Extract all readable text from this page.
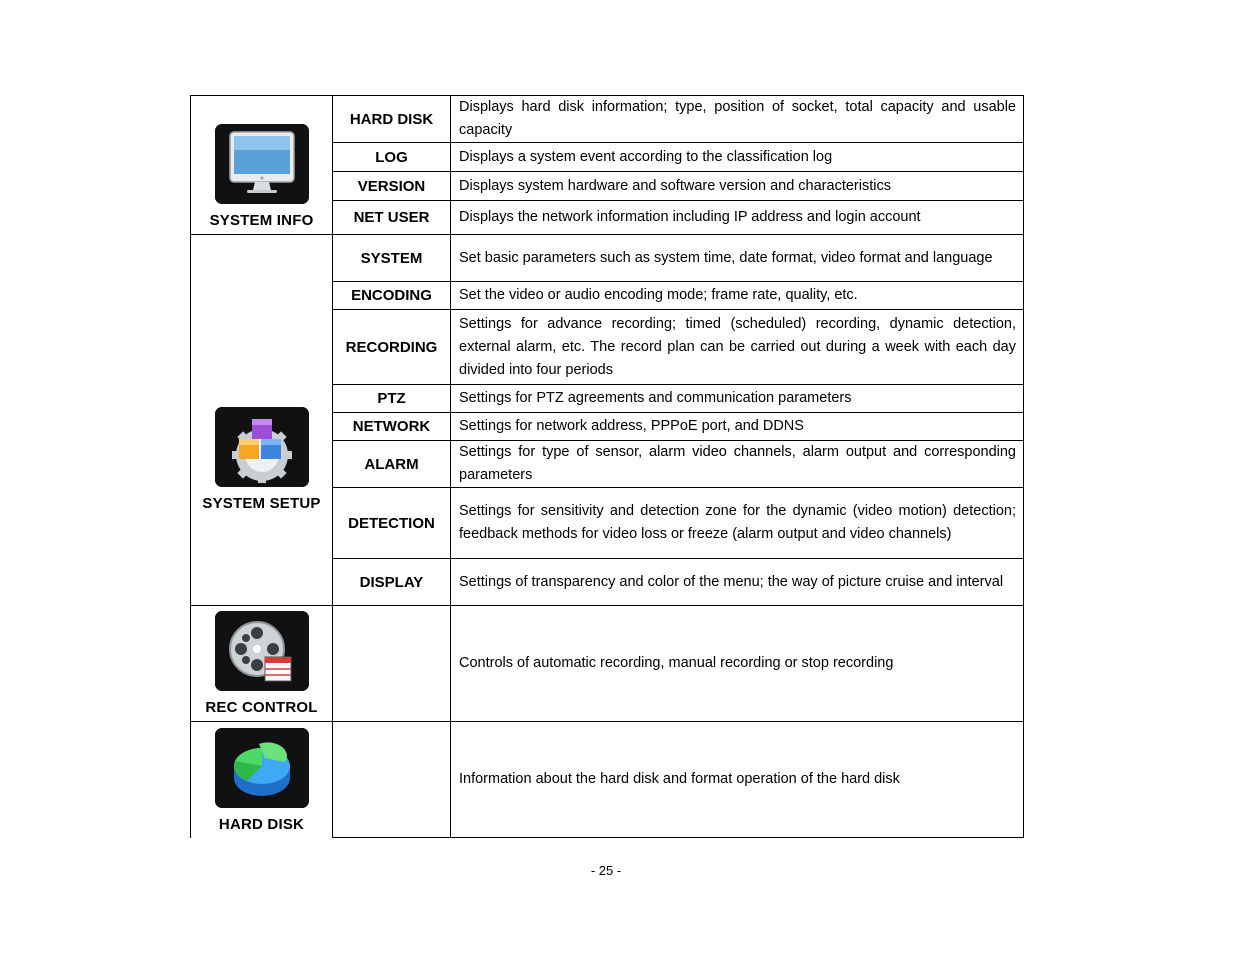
SYSTEM INFO	HARD DISK	Displays hard disk information; type, position of socket, total capacity and usable capacity
	LOG	Displays a system event according to the classification log
	VERSION	Displays system hardware and software version and characteristics
	NET USER	Displays the network information including IP address and login account

SYSTEM SETUP	SYSTEM	Set basic parameters such as system time, date format, video format and language
	ENCODING	Set the video or audio encoding mode; frame rate, quality, etc.
	RECORDING	Settings for advance recording; timed (scheduled) recording, dynamic detection, external alarm, etc. The record plan can be carried out during a week with each day divided into four periods
	PTZ	Settings for PTZ agreements and communication parameters
	NETWORK	Settings for network address, PPPoE port, and DDNS
	ALARM	Settings for type of sensor, alarm video channels, alarm output and corresponding parameters
	DETECTION	Settings for sensitivity and detection zone for the dynamic (video motion) detection; feedback methods for video loss or freeze (alarm output and video channels)
	DISPLAY	Settings of transparency and color of the menu; the way of picture cruise and interval

REC CONTROL		Controls of automatic recording, manual recording or stop recording

HARD DISK		Information about the hard disk and format operation of the hard disk
- 25 -
